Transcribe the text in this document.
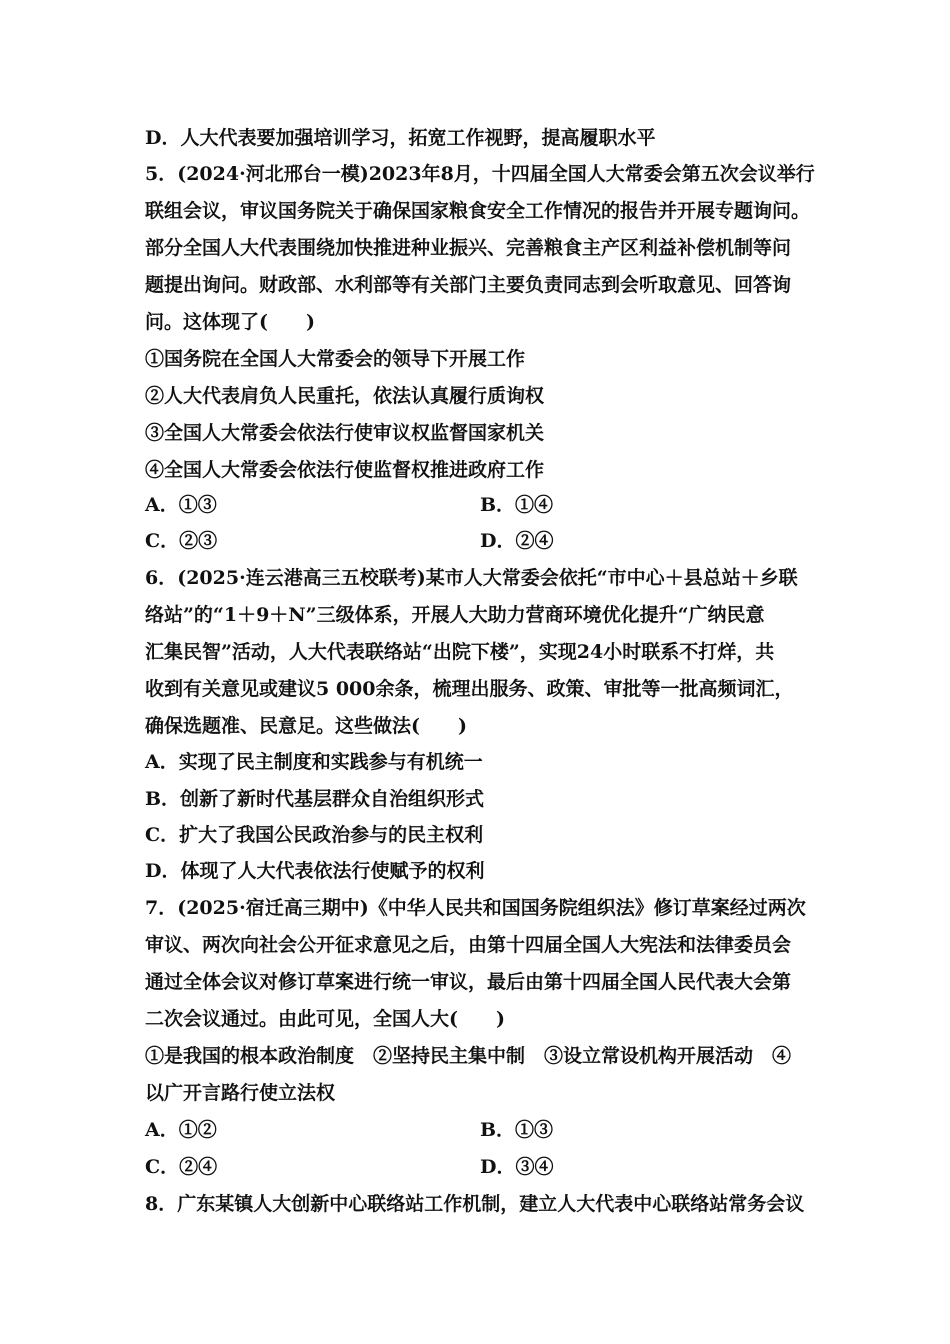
D．人大代表要加强培训学习，拓宽工作视野，提高履职水平
5．(2024·河北邢台一模)2023年8月，十四届全国人大常委会第五次会议举行
联组会议，审议国务院关于确保国家粮食安全工作情况的报告并开展专题询问。
部分全国人大代表围绕加快推进种业振兴、完善粮食主产区利益补偿机制等问
题提出询问。财政部、水利部等有关部门主要负责同志到会听取意见、回答询
问。这体现了(　　)
①国务院在全国人大常委会的领导下开展工作
②人大代表肩负人民重托，依法认真履行质询权
③全国人大常委会依法行使审议权监督国家机关
④全国人大常委会依法行使监督权推进政府工作
A．①③	B．①④
C．②③	D．②④
6．(2025·连云港高三五校联考)某市人大常委会依托“市中心＋县总站＋乡联
络站”的“1＋9＋N”三级体系，开展人大助力营商环境优化提升“广纳民意
汇集民智”活动，人大代表联络站“出院下楼”，实现24小时联系不打烊，共
收到有关意见或建议5 000余条，梳理出服务、政策、审批等一批高频词汇，
确保选题准、民意足。这些做法(　　)
A．实现了民主制度和实践参与有机统一
B．创新了新时代基层群众自治组织形式
C．扩大了我国公民政治参与的民主权利
D．体现了人大代表依法行使赋予的权利
7．(2025·宿迁高三期中)《中华人民共和国国务院组织法》修订草案经过两次
审议、两次向社会公开征求意见之后，由第十四届全国人大宪法和法律委员会
通过全体会议对修订草案进行统一审议，最后由第十四届全国人民代表大会第
二次会议通过。由此可见，全国人大(　　)
①是我国的根本政治制度　②坚持民主集中制　③设立常设机构开展活动　④
以广开言路行使立法权
A．①②	B．①③
C．②④	D．③④
8．广东某镇人大创新中心联络站工作机制，建立人大代表中心联络站常务会议
